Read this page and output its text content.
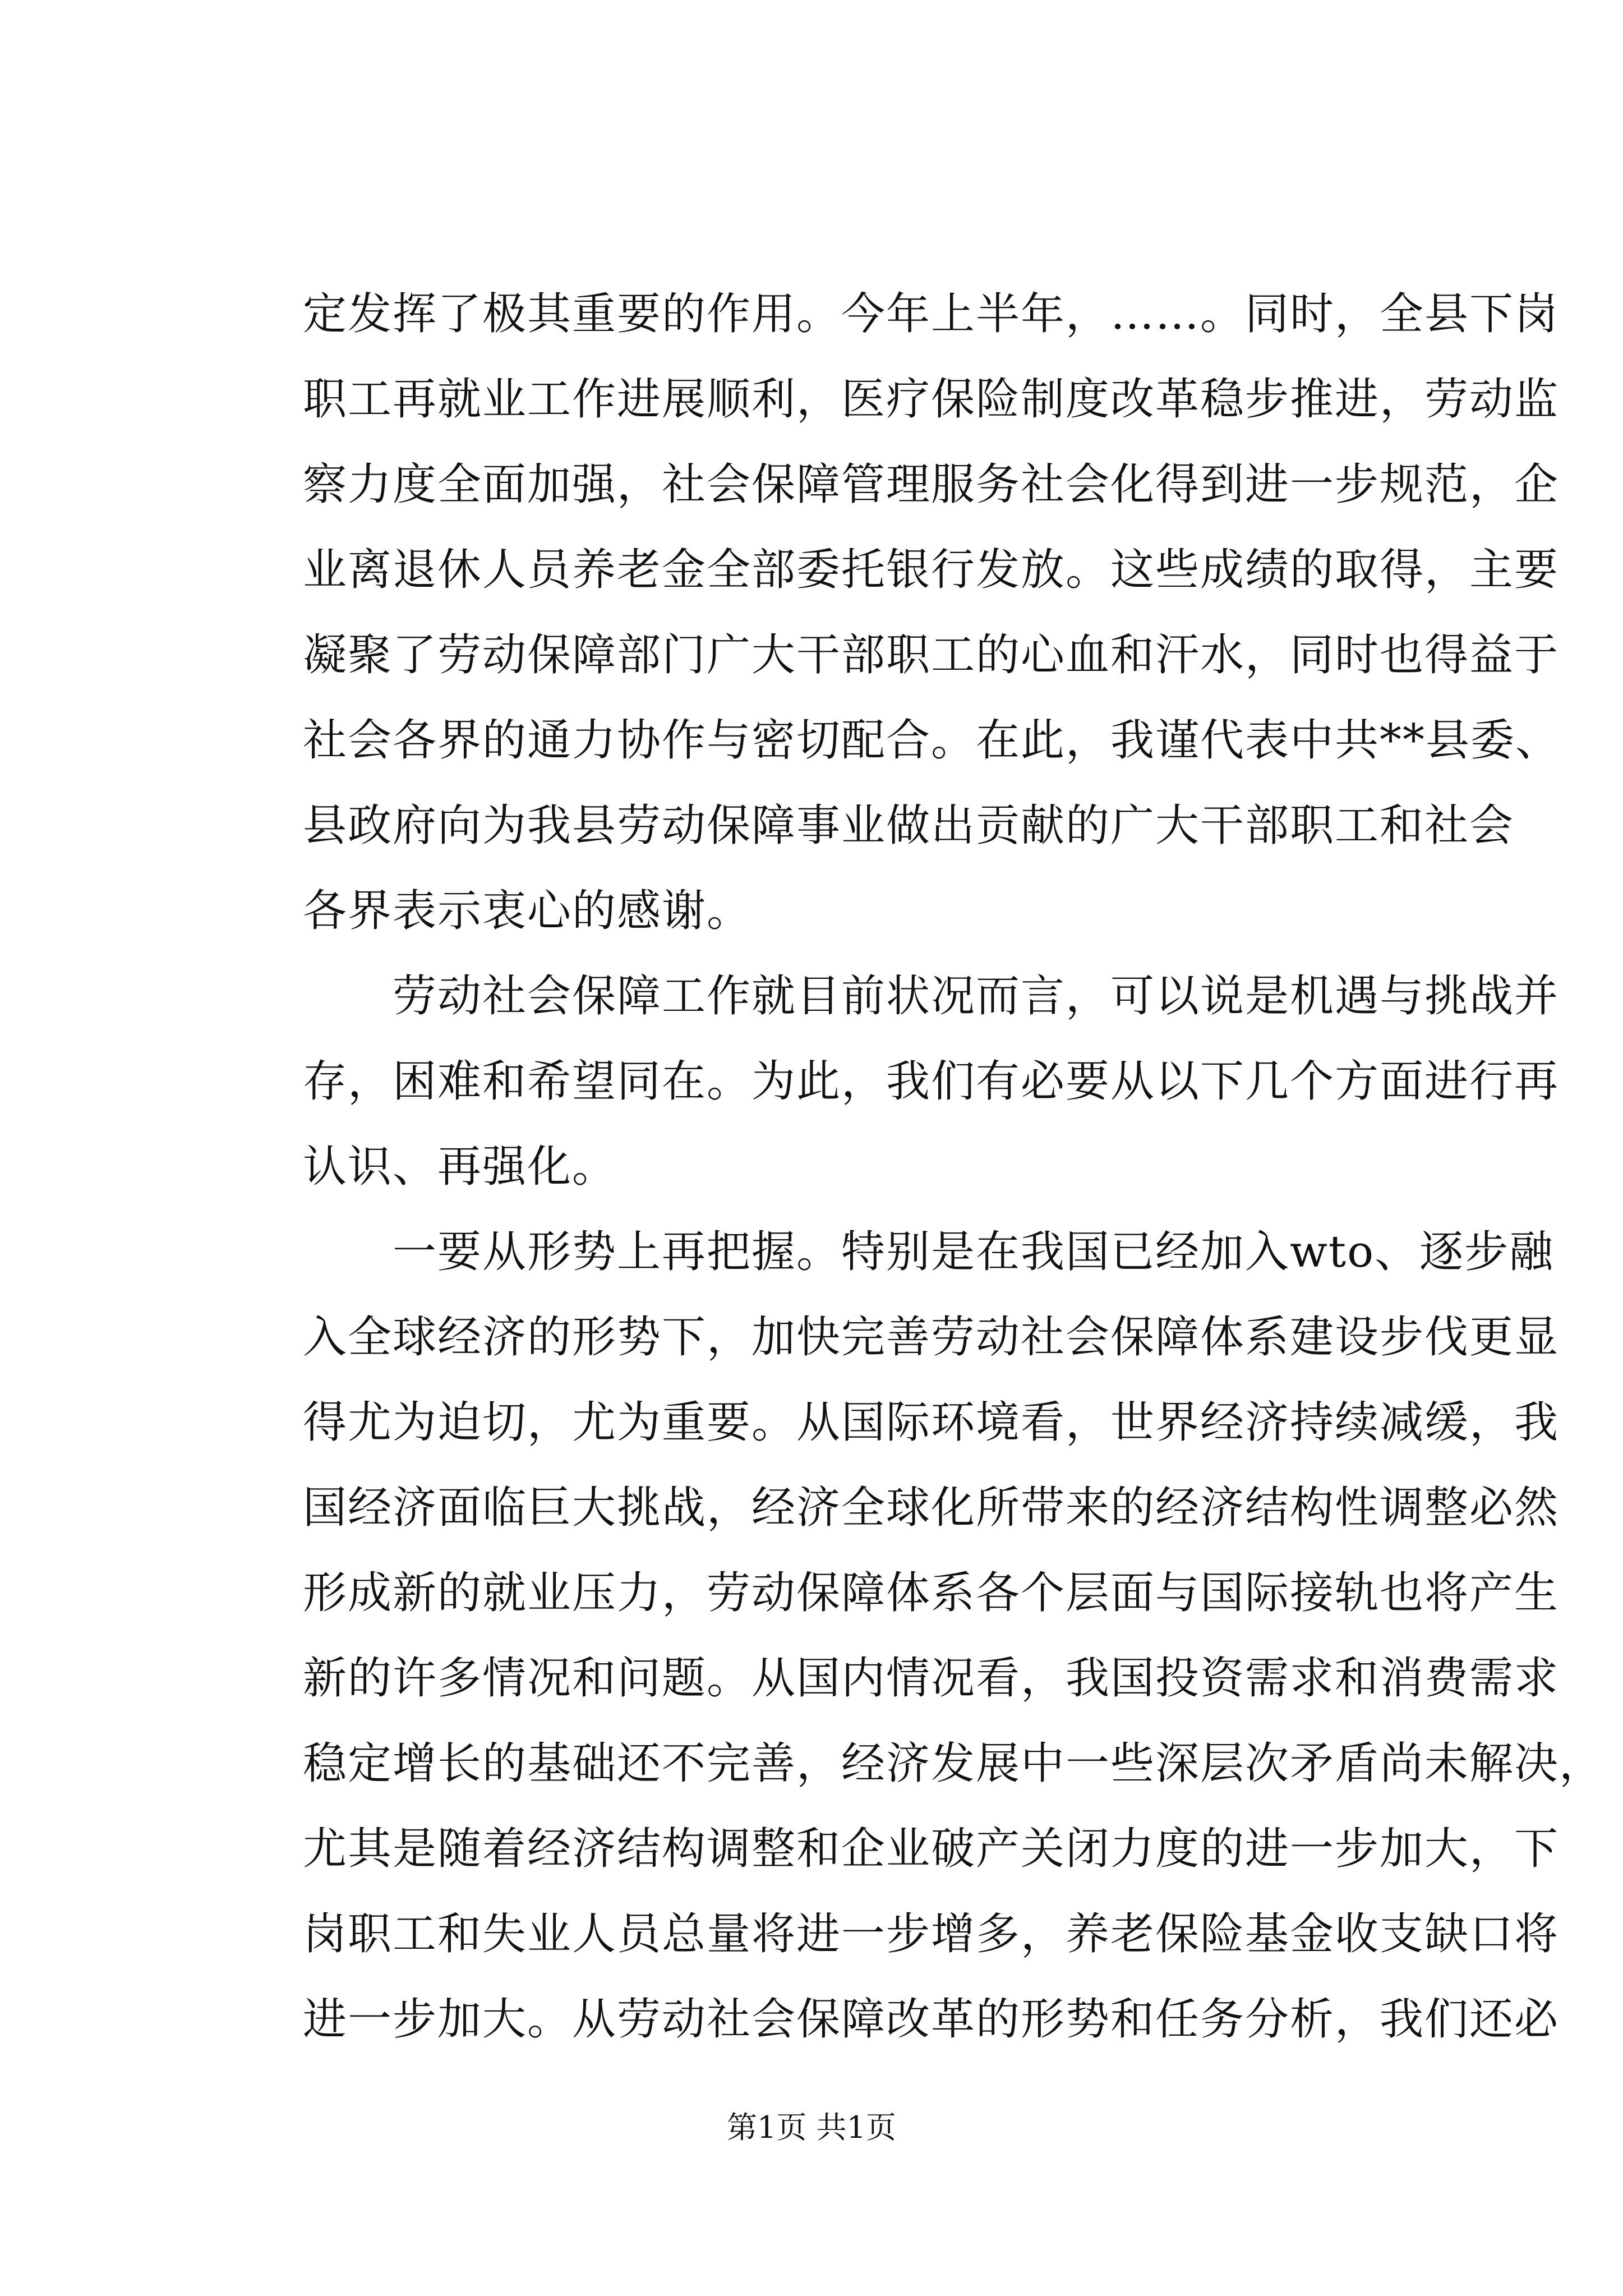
定发挥了极其重要的作用。今年上半年，……。同时，全县下岗
职工再就业工作进展顺利，医疗保险制度改革稳步推进，劳动监
察力度全面加强，社会保障管理服务社会化得到进一步规范，企
业离退休人员养老金全部委托银行发放。这些成绩的取得，主要
凝聚了劳动保障部门广大干部职工的心血和汗水，同时也得益于
社会各界的通力协作与密切配合。在此，我谨代表中共**县委、
县政府向为我县劳动保障事业做出贡献的广大干部职工和社会
各界表示衷心的感谢。
　　劳动社会保障工作就目前状况而言，可以说是机遇与挑战并
存，困难和希望同在。为此，我们有必要从以下几个方面进行再
认识、再强化。
　　一要从形势上再把握。特别是在我国已经加入wto、逐步融
入全球经济的形势下，加快完善劳动社会保障体系建设步伐更显
得尤为迫切，尤为重要。从国际环境看，世界经济持续减缓，我
国经济面临巨大挑战，经济全球化所带来的经济结构性调整必然
形成新的就业压力，劳动保障体系各个层面与国际接轨也将产生
新的许多情况和问题。从国内情况看，我国投资需求和消费需求
稳定增长的基础还不完善，经济发展中一些深层次矛盾尚未解决，
尤其是随着经济结构调整和企业破产关闭力度的进一步加大，下
岗职工和失业人员总量将进一步增多，养老保险基金收支缺口将
进一步加大。从劳动社会保障改革的形势和任务分析，我们还必
第1页 共1页
